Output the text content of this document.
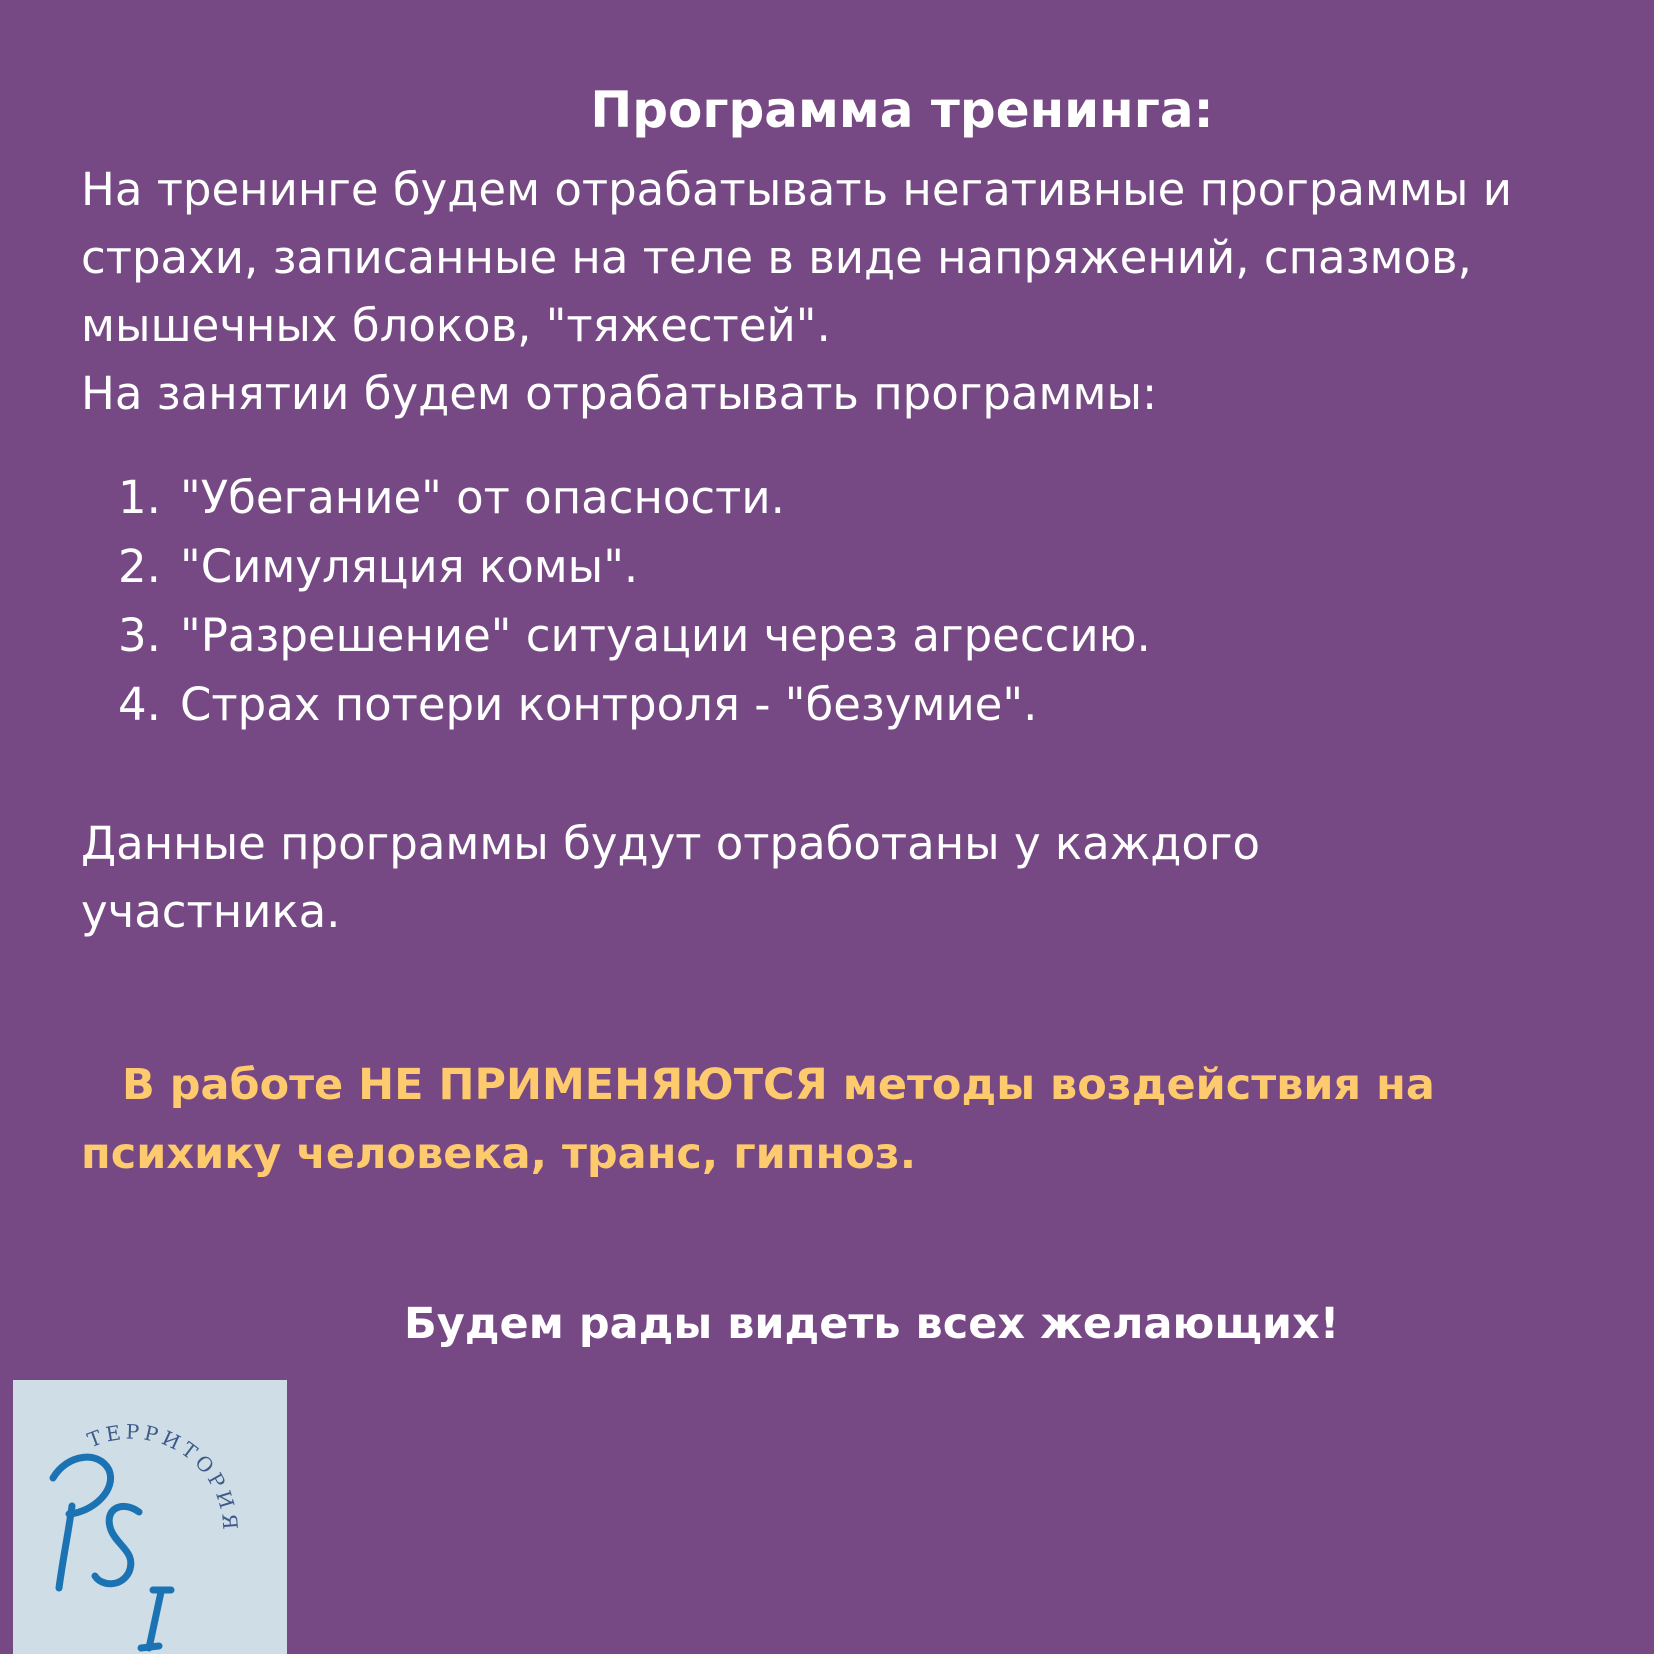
Программа тренинга:

На тренинге будем отрабатывать негативные программы и
страхи, записанные на теле в виде напряжений, спазмов,
мышечных блоков, "тяжестей".
На занятии будем отрабатывать программы:

1. "Убегание" от опасности.
2. "Симуляция комы".
3. "Разрешение" ситуации через агрессию.
4. Страх потери контроля - "безумие".

Данные программы будут отработаны у каждого
участника.

В работе НЕ ПРИМЕНЯЮТСЯ методы воздействия на
психику человека, транс, гипноз.

Будем рады видеть всех желающих!

ТЕРРИТОРИЯ
